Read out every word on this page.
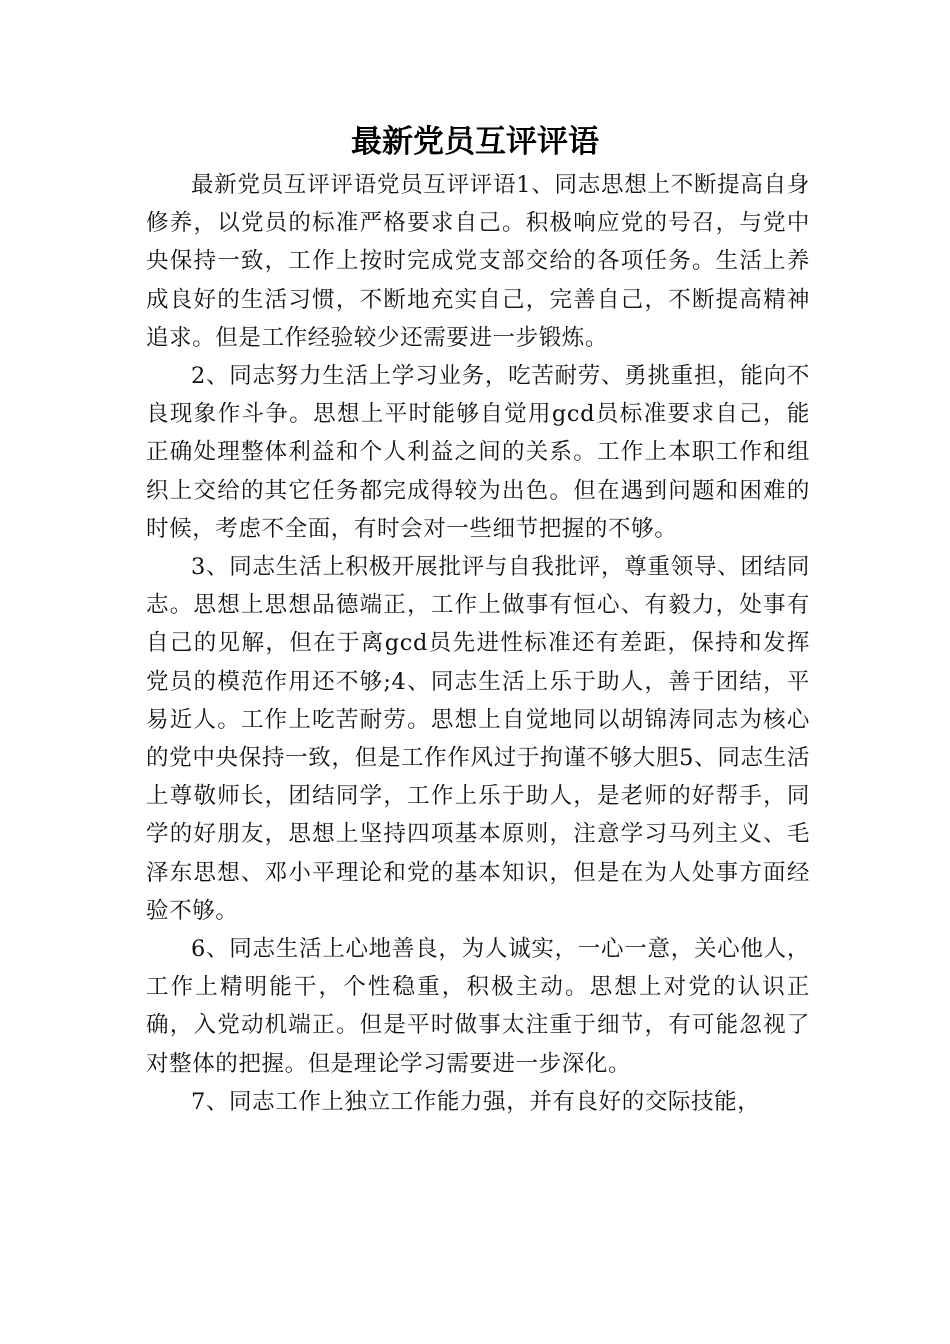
最新党员互评评语

最新党员互评评语党员互评评语1、同志思想上不断提高自身修养，以党员的标准严格要求自己。积极响应党的号召，与党中央保持一致，工作上按时完成党支部交给的各项任务。生活上养成良好的生活习惯，不断地充实自己，完善自己，不断提高精神追求。但是工作经验较少还需要进一步锻炼。

2、同志努力生活上学习业务，吃苦耐劳、勇挑重担，能向不良现象作斗争。思想上平时能够自觉用gcd员标准要求自己，能正确处理整体利益和个人利益之间的关系。工作上本职工作和组织上交给的其它任务都完成得较为出色。但在遇到问题和困难的时候，考虑不全面，有时会对一些细节把握的不够。

3、同志生活上积极开展批评与自我批评，尊重领导、团结同志。思想上思想品德端正，工作上做事有恒心、有毅力，处事有自己的见解，但在于离gcd员先进性标准还有差距，保持和发挥党员的模范作用还不够;4、同志生活上乐于助人，善于团结，平易近人。工作上吃苦耐劳。思想上自觉地同以胡锦涛同志为核心的党中央保持一致，但是工作作风过于拘谨不够大胆5、同志生活上尊敬师长，团结同学，工作上乐于助人，是老师的好帮手，同学的好朋友，思想上坚持四项基本原则，注意学习马列主义、毛泽东思想、邓小平理论和党的基本知识，但是在为人处事方面经验不够。

6、同志生活上心地善良，为人诚实，一心一意，关心他人，工作上精明能干，个性稳重，积极主动。思想上对党的认识正确，入党动机端正。但是平时做事太注重于细节，有可能忽视了对整体的把握。但是理论学习需要进一步深化。

7、同志工作上独立工作能力强，并有良好的交际技能，
